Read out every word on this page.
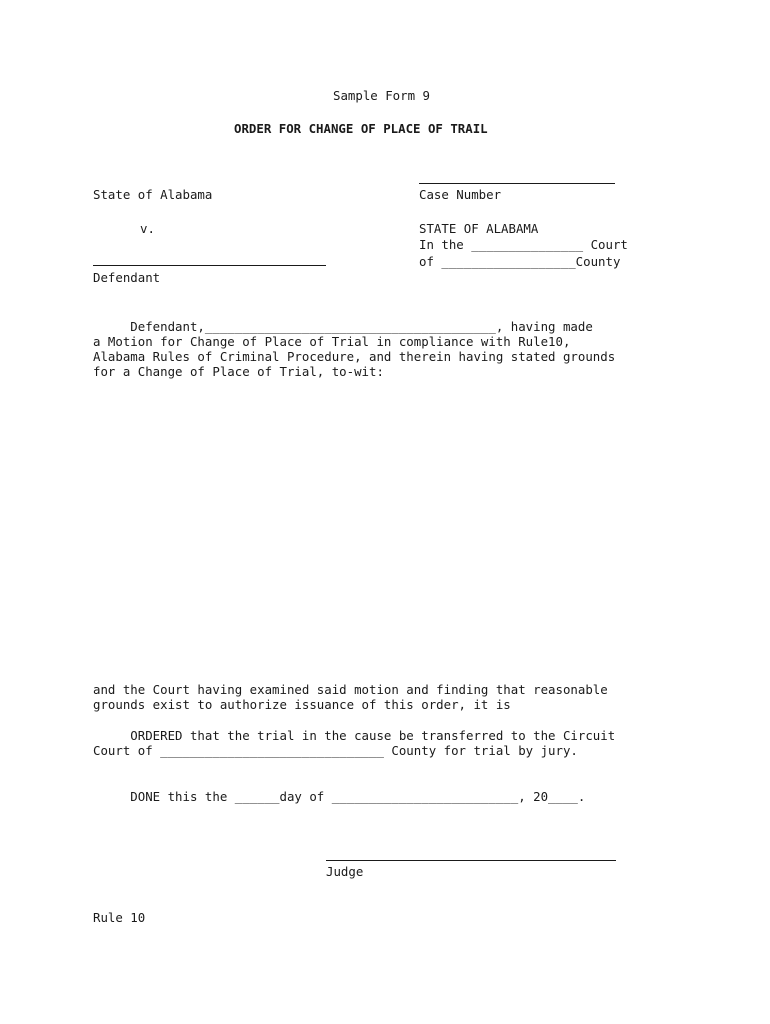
Sample Form 9
ORDER FOR CHANGE OF PLACE OF TRAIL
State of Alabama
v.
Defendant
Case Number
STATE OF ALABAMA
In the _______________ Court
of __________________County
Defendant,_______________________________________, having made
a Motion for Change of Place of Trial in compliance with Rule10,
Alabama Rules of Criminal Procedure, and therein having stated grounds
for a Change of Place of Trial, to-wit:
and the Court having examined said motion and finding that reasonable
grounds exist to authorize issuance of this order, it is
ORDERED that the trial in the cause be transferred to the Circuit
Court of ______________________________ County for trial by jury.
DONE this the ______day of _________________________, 20____.
Judge
Rule 10
